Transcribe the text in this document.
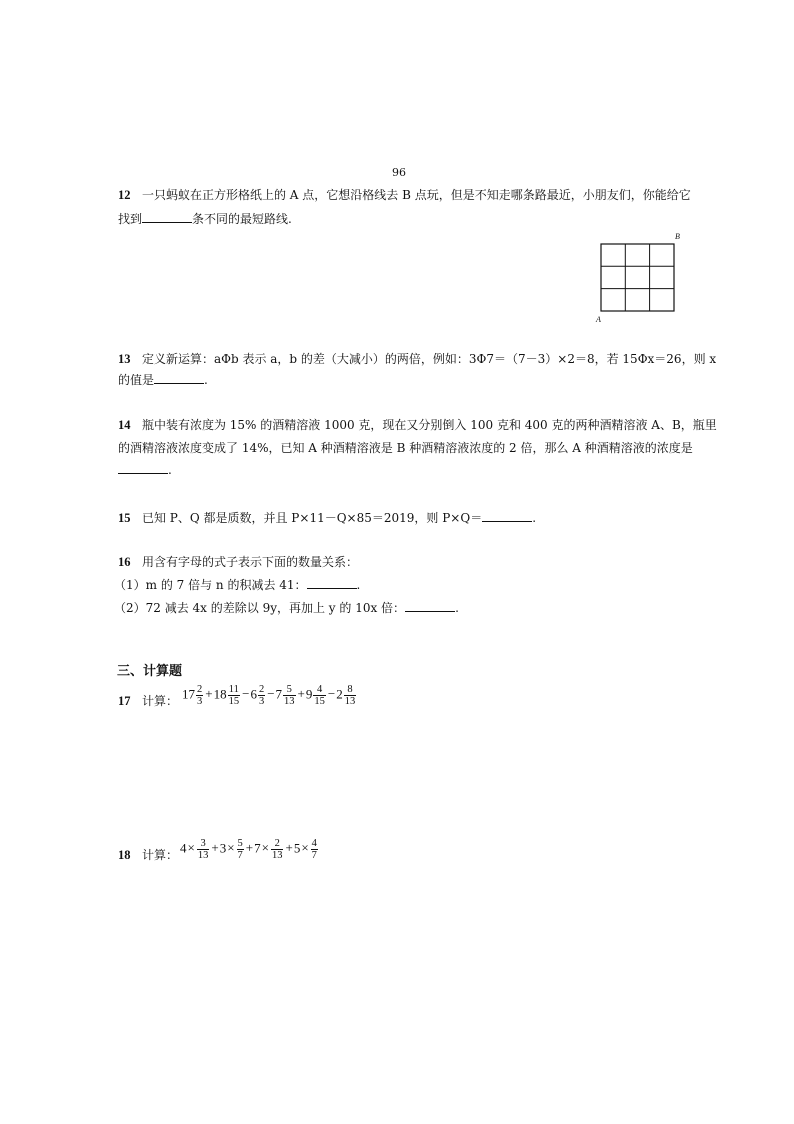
96
12 一只蚂蚁在正方形格纸上的 A 点，它想沿格线去 B 点玩，但是不知走哪条路最近，小朋友们，你能给它
找到	条不同的最短路线.
B
A
13 定义新运算：aΦb 表示 a，b 的差（大减小）的两倍，例如：3Φ7＝（7－3）×2＝8，若 15Φx＝26，则 x
的值是	.
14 瓶中装有浓度为 15% 的酒精溶液 1000 克，现在又分别倒入 100 克和 400 克的两种酒精溶液 A、B，瓶里
的酒精溶液浓度变成了 14%，已知 A 种酒精溶液是 B 种酒精溶液浓度的 2 倍，那么 A 种酒精溶液的浓度是
.
15 已知 P、Q 都是质数，并且 P×11－Q×85＝2019，则 P×Q＝	.
16 用含有字母的式子表示下面的数量关系：
（1）m 的 7 倍与 n 的积减去 41：	.
（2）72 减去 4x 的差除以 9y，再加上 y 的 10x 倍：	.
三、计算题
17 计算： $17 \frac{2}{3} +18 \frac{11}{15} -6 \frac{2}{3} -7 \frac{5}{13} +9 \frac{4}{15} -2 \frac{8}{13}$
18 计算： $4\times \frac{3}{13} +3\times \frac{5}{7} +7\times \frac{2}{13} +5\times \frac{4}{7}$
